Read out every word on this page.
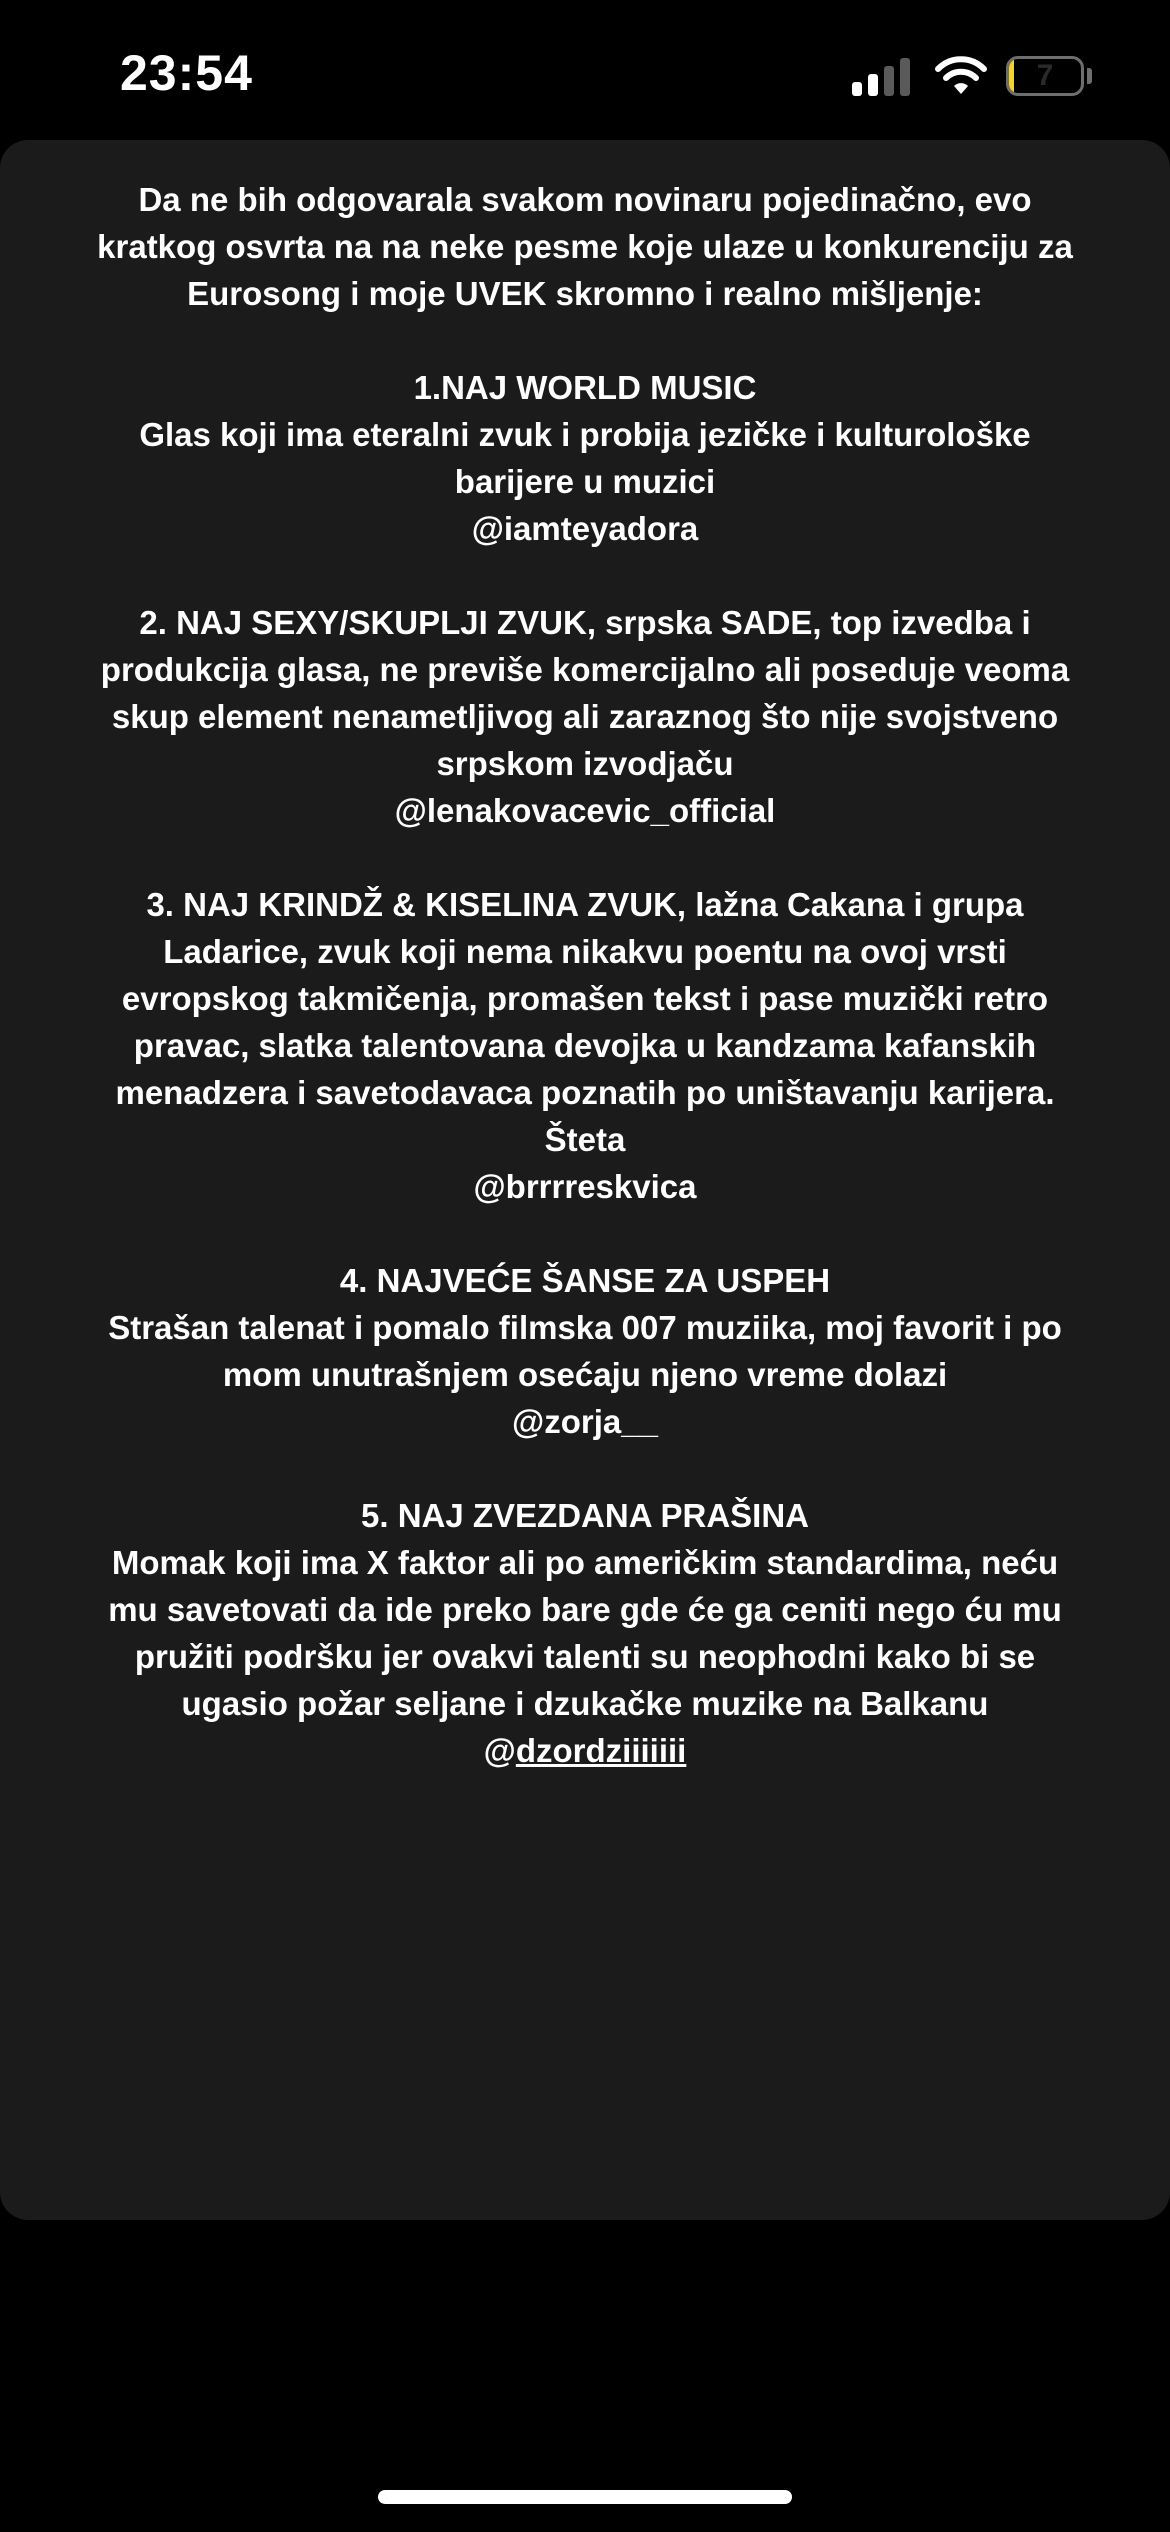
23:54	7

Da ne bih odgovarala svakom novinaru pojedinačno, evo kratkog osvrta na na neke pesme koje ulaze u konkurenciju za Eurosong i moje UVEK skromno i realno mišljenje:

1.NAJ WORLD MUSIC

Glas koji ima eteralni zvuk i probija jezičke i kulturološke barijere u muzici

@iamteyadora

2. NAJ SEXY/SKUPLJI ZVUK, srpska SADE, top izvedba i produkcija glasa, ne previše komercijalno ali poseduje veoma skup element nenametljivog ali zaraznog što nije svojstveno srpskom izvodjaču

@lenakovacevic_official

3. NAJ KRINDŽ & KISELINA ZVUK, lažna Cakana i grupa Ladarice, zvuk koji nema nikakvu poentu na ovoj vrsti evropskog takmičenja, promašen tekst i pase muzički retro pravac, slatka talentovana devojka u kandzama kafanskih menadzera i savetodavaca poznatih po uništavanju karijera.

Šteta

@brrrreskvica

4. NAJVEĆE ŠANSE ZA USPEH

Strašan talenat i pomalo filmska 007 muziika, moj favorit i po mom unutrašnjem osećaju njeno vreme dolazi

@zorja__

5. NAJ ZVEZDANA PRAŠINA

Momak koji ima X faktor ali po američkim standardima, neću mu savetovati da ide preko bare gde će ga ceniti nego ću mu pružiti podršku jer ovakvi talenti su neophodni kako bi se ugasio požar seljane i dzukačke muzike na Balkanu

@dzordziiiiiii
